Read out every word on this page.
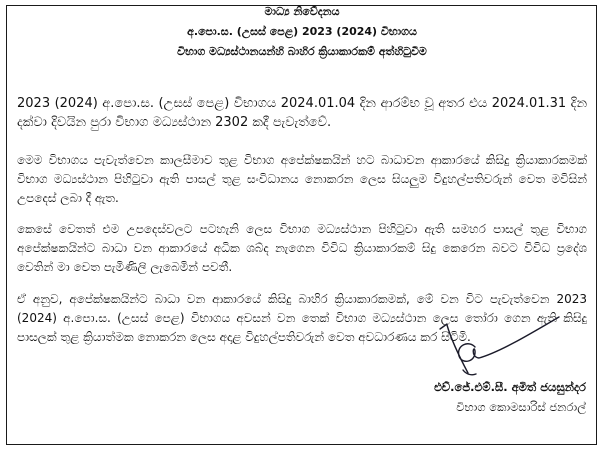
මාධ්‍ය නිවේදනය
අ.පො.ස. (උසස් පෙළ) 2023 (2024) විභාගය
විභාග මධ්‍යස්ථානයන්හි බාහිර ක්‍රියාකාරකම් අත්හිටුවීම

2023 (2024) අ.පො.ස. (උසස් පෙළ) විභාගය 2024.01.04 දින ආරම්භ වූ අතර එය 2024.01.31 දින දක්වා දිවයින පුරා විභාග මධ්‍යස්ථාන 2302 කදී පැවැත්වේ.

මෙම විභාගය පැවැත්වෙන කාලසීමාව තුළ විභාග අපේක්ෂකයින් හට බාධාවන ආකාරයේ කිසිදු ක්‍රියාකාරකමක් විභාග මධ්‍යස්ථාන පිහිටුවා ඇති පාසල් තුළ සංවිධානය නොකරන ලෙස සියලුම විදුහල්පතිවරුන් වෙත මවිසින් උපදෙස් ලබා දී ඇත.

කෙසේ වෙතත් එම උපදෙස්වලට පටහැනි ලෙස විභාග මධ්‍යස්ථාන පිහිටුවා ඇති සමහර පාසල් තුළ විභාග අපේක්ෂකයින්ට බාධා වන ආකාරයේ අධික ශබ්ද නැගෙන විවිධ ක්‍රියාකාරකම් සිදු කෙරෙන බවට විවිධ ප්‍රදේශ වෙතින් මා වෙත පැමිණිලි ලැබෙමින් පවතී.

ඒ අනුව, අපේක්ෂකයින්ට බාධා වන ආකාරයේ කිසිදු බාහිර ක්‍රියාකාරකමක්, මේ වන විට පැවැත්වෙන 2023 (2024) අ.පො.ස. (උසස් පෙළ) විභාගය අවසන් වන තෙක් විභාග මධ්‍යස්ථාන ලෙස තෝරා ගෙන ඇති කිසිදු පාසලක් තුළ ක්‍රියාත්මක නොකරන ලෙස අදාළ විදුහල්පතිවරුන් වෙත අවධාරණය කර සිටිමි.

එච්.ජේ.එම්.සී. අමිත් ජයසුන්දර
විභාග කොමසාරිස් ජනරාල්
